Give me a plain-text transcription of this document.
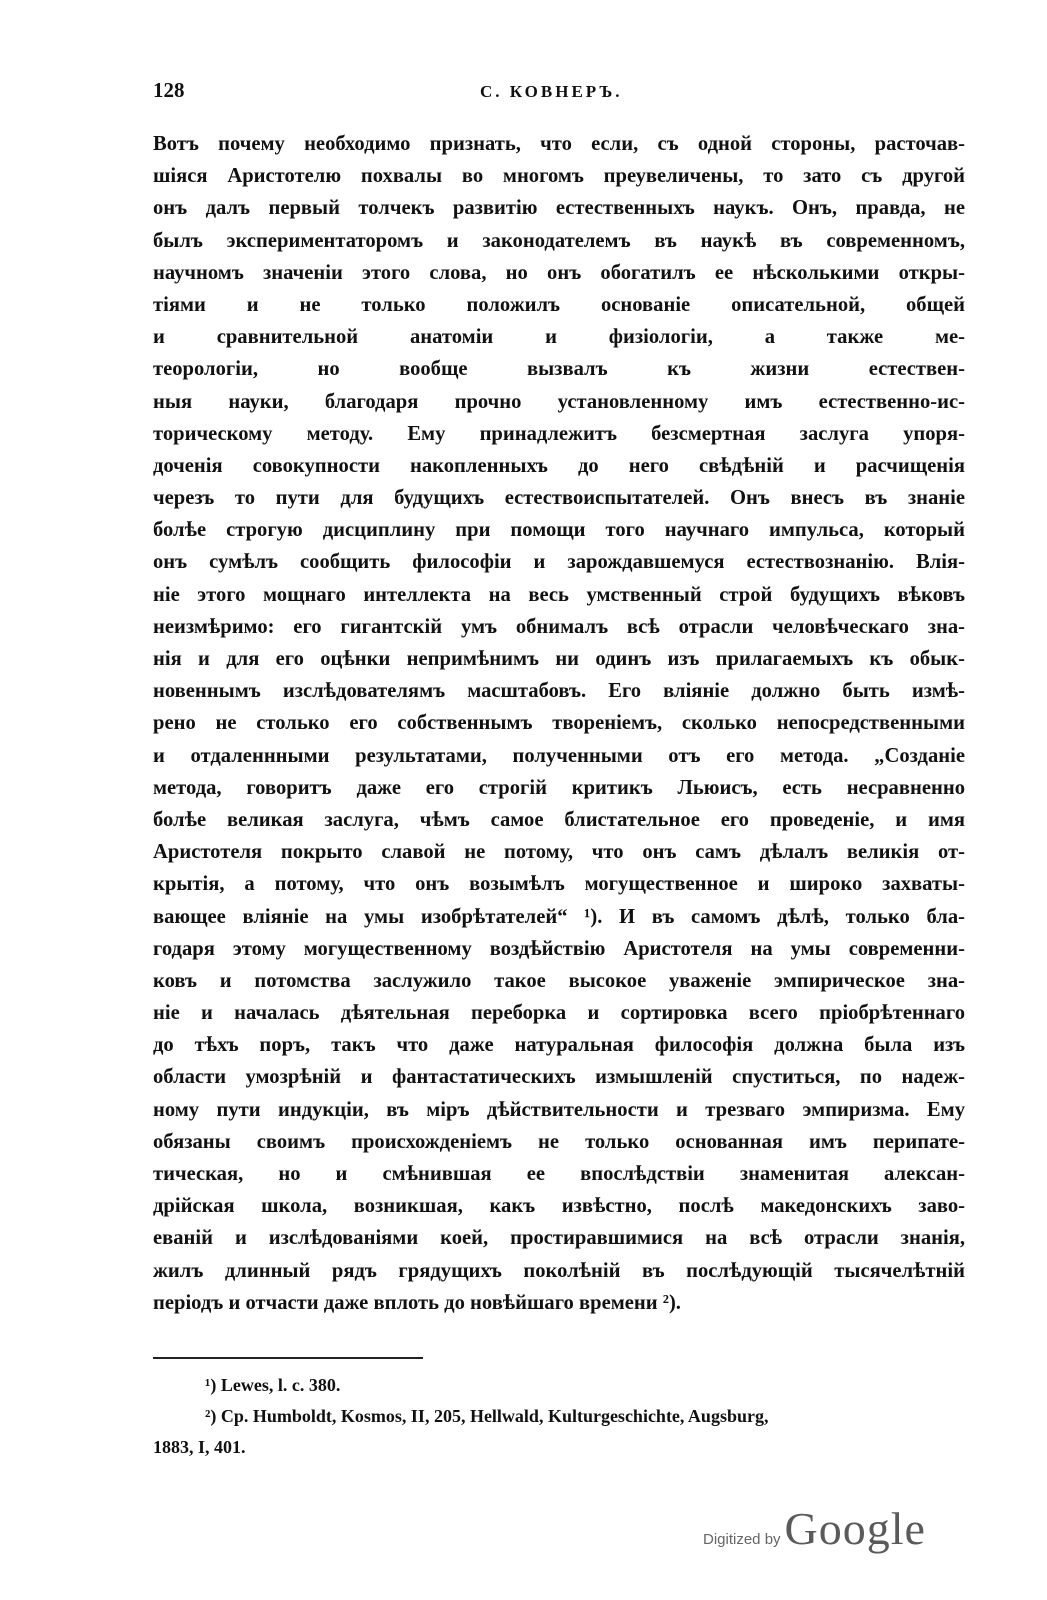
128	С. КОВНЕРЪ.
Вотъ почему необходимо признать, что если, съ одной стороны, расточав-
шіяся Аристотелю похвалы во многомъ преувеличены, то зато съ другой
онъ далъ первый толчекъ развитію естественныхъ наукъ. Онъ, правда, не
былъ экспериментаторомъ и законодателемъ въ наукѣ въ современномъ,
научномъ значеніи этого слова, но онъ обогатилъ ее нѣсколькими откры-
тіями и не только положилъ основаніе описательной, общей
и сравнительной анатоміи и физіологіи, а также ме-
теорологіи, но вообще вызвалъ къ жизни естествен-
ныя науки, благодаря прочно установленному имъ естественно-ис-
торическому методу. Ему принадлежитъ безсмертная заслуга упоря-
доченія совокупности накопленныхъ до него свѣдѣній и расчищенія
черезъ то пути для будущихъ естествоиспытателей. Онъ внесъ въ знаніе
болѣе строгую дисциплину при помощи того научнаго импульса, который
онъ сумѣлъ сообщить философіи и зарождавшемуся естествознанію. Влія-
ніе этого мощнаго интеллекта на весь умственный строй будущихъ вѣковъ
неизмѣримо: его гигантскій умъ обнималъ всѣ отрасли человѣческаго зна-
нія и для его оцѣнки непримѣнимъ ни одинъ изъ прилагаемыхъ къ обык-
новеннымъ изслѣдователямъ масштабовъ. Его вліяніе должно быть измѣ-
рено не столько его собственнымъ твореніемъ, сколько непосредственными
и отдаленнными результатами, полученными отъ его метода. „Созданіе
метода, говоритъ даже его строгій критикъ Льюисъ, есть несравненно
болѣе великая заслуга, чѣмъ самое блистательное его проведеніе, и имя
Аристотеля покрыто славой не потому, что онъ самъ дѣлалъ великія от-
крытія, а потому, что онъ возымѣлъ могущественное и широко захваты-
вающее вліяніе на умы изобрѣтателей“ ¹). И въ самомъ дѣлѣ, только бла-
годаря этому могущественному воздѣйствію Аристотеля на умы современни-
ковъ и потомства заслужило такое высокое уваженіе эмпирическое зна-
ніе и началась дѣятельная переборка и сортировка всего пріобрѣтеннаго
до тѣхъ поръ, такъ что даже натуральная философія должна была изъ
области умозрѣній и фантастатическихъ измышленій спуститься, по надеж-
ному пути индукціи, въ міръ дѣйствительности и трезваго эмпиризма. Ему
обязаны своимъ происхожденіемъ не только основанная имъ перипате-
тическая, но и смѣнившая ее впослѣдствіи знаменитая алексан-
дрійская школа, возникшая, какъ извѣстно, послѣ македонскихъ заво-
еваній и изслѣдованіями коей, простиравшимися на всѣ отрасли знанія,
жилъ длинный рядъ грядущихъ поколѣній въ послѣдующій тысячелѣтній
періодъ и отчасти даже вплоть до новѣйшаго времени ²).
¹) Lewes, l. c. 380.
²) Cp. Humboldt, Kosmos, II, 205, Hellwald, Kulturgeschichte, Augsburg,
1883, I, 401.
Digitized by Google
